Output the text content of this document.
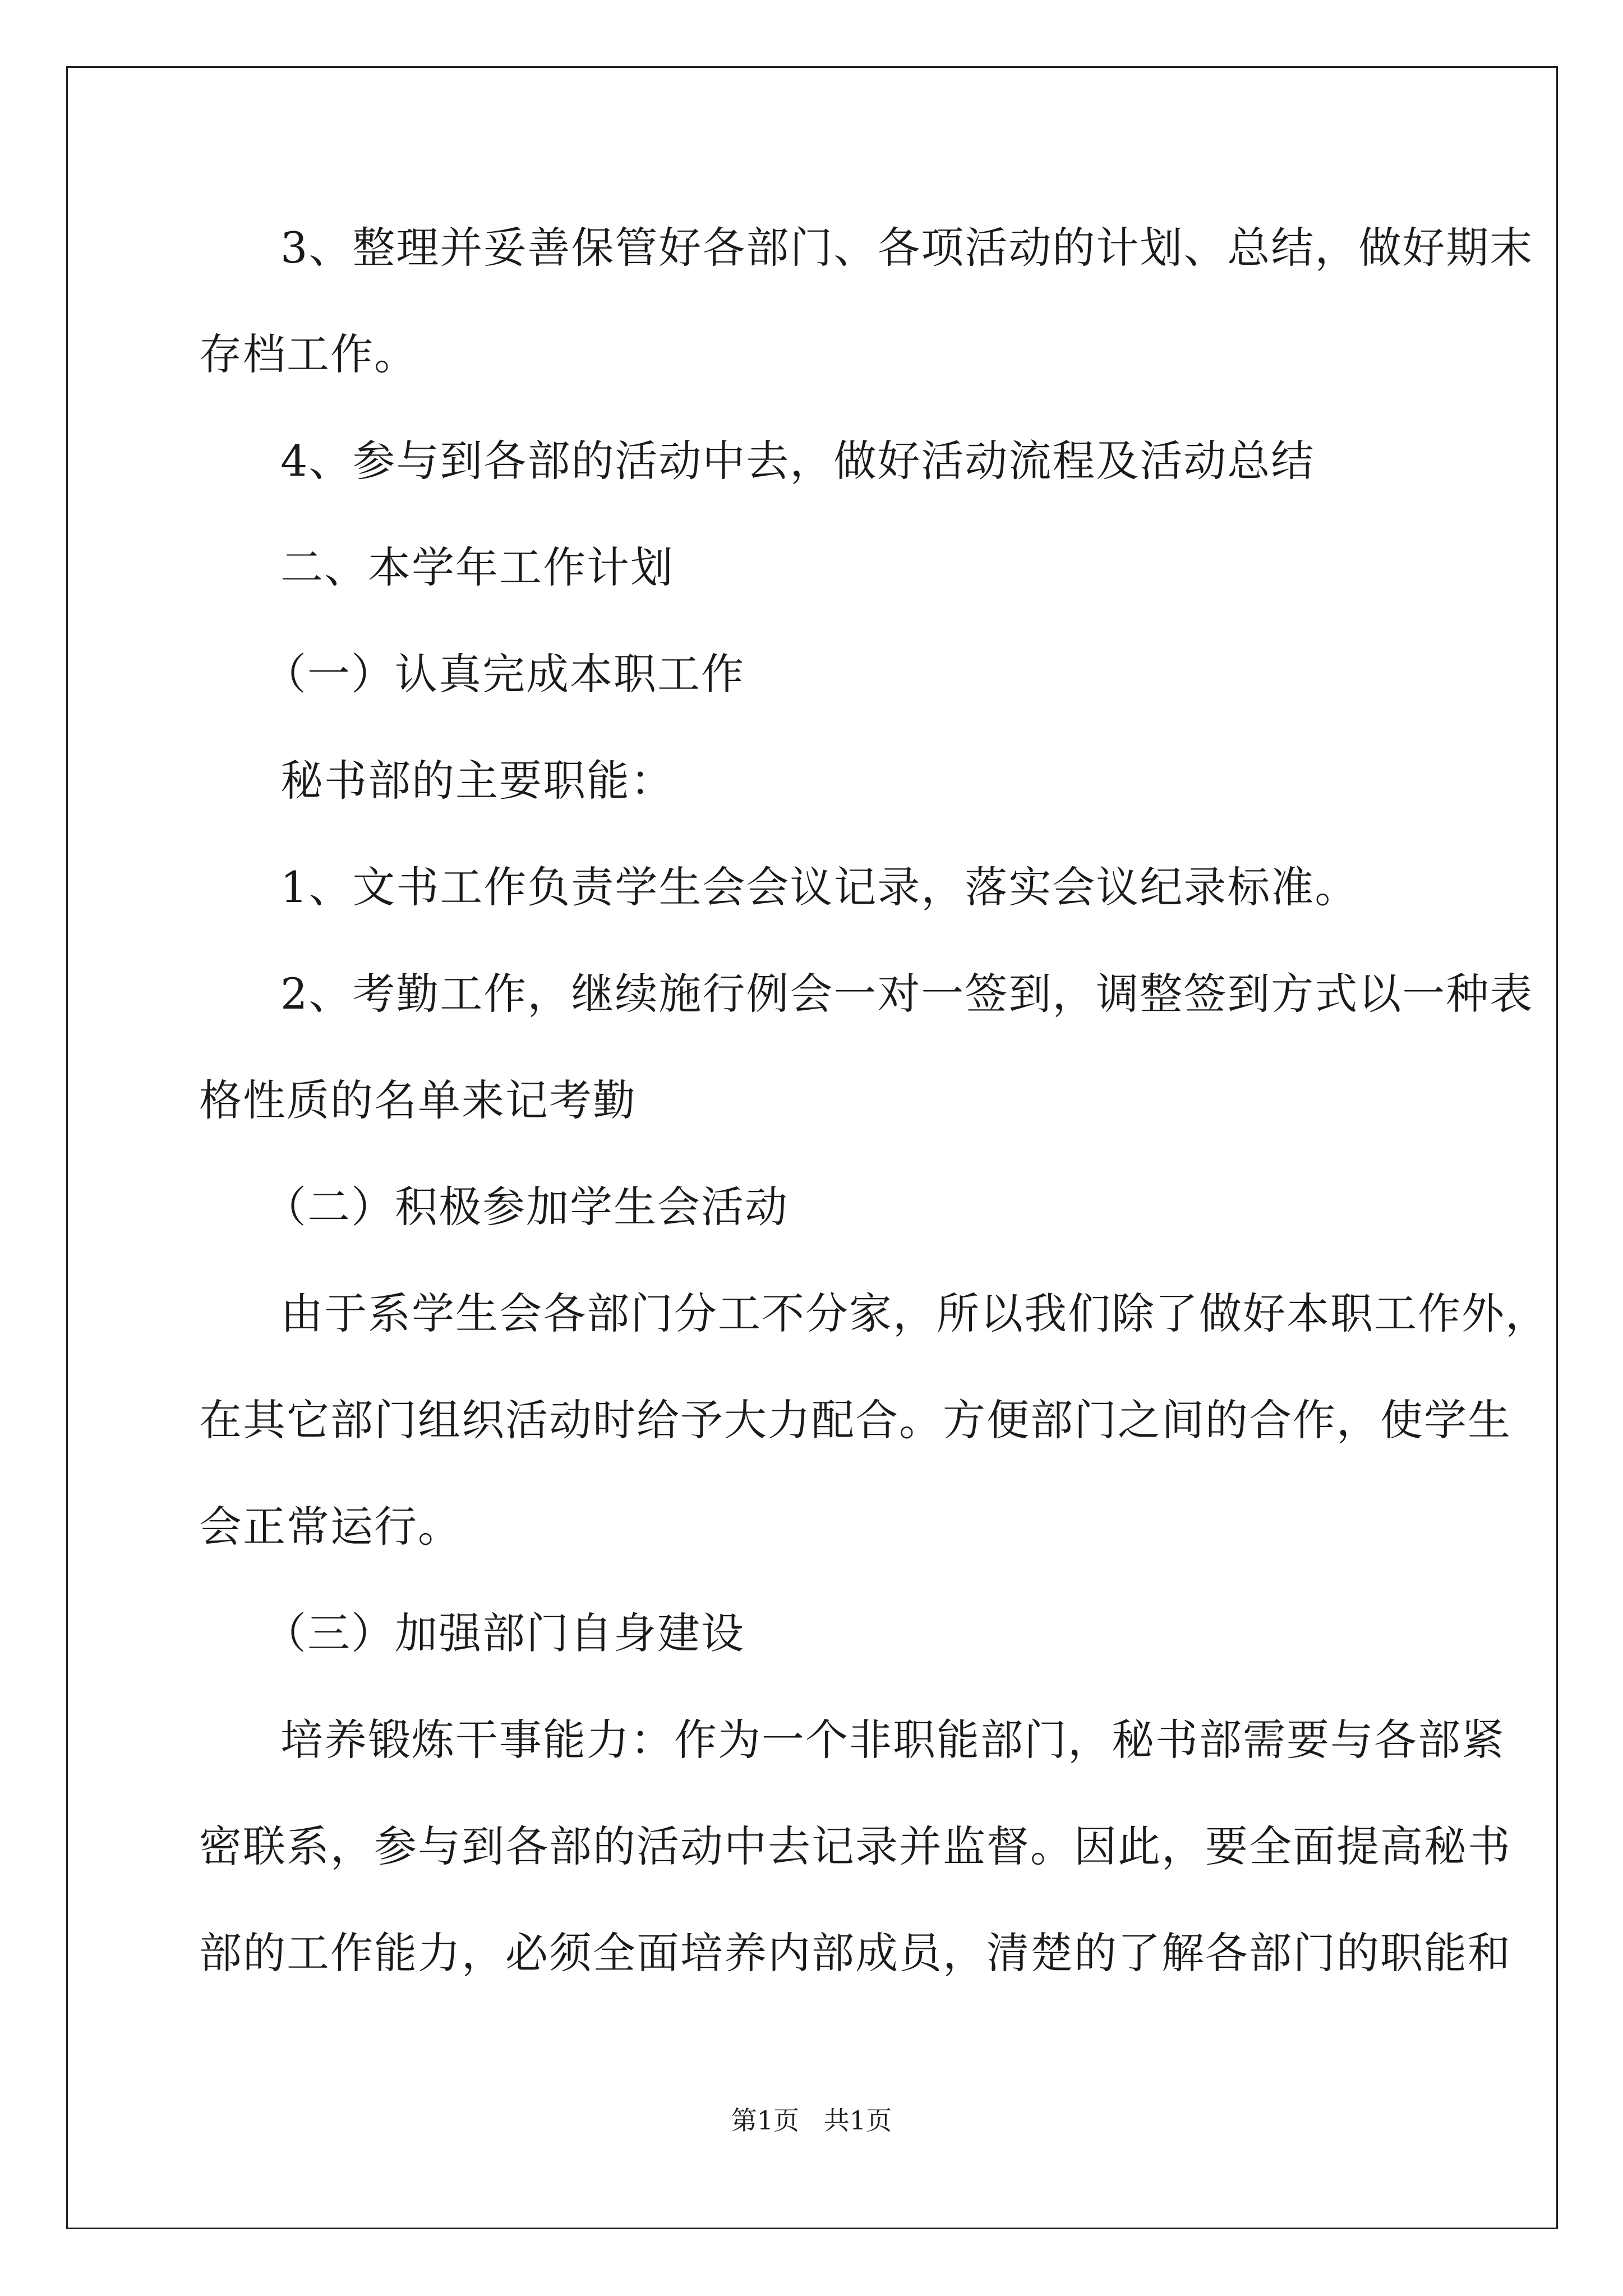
3、整理并妥善保管好各部门、各项活动的计划、总结，做好期末
存档工作。
4、参与到各部的活动中去，做好活动流程及活动总结
二、本学年工作计划
（一）认真完成本职工作
秘书部的主要职能：
1、文书工作负责学生会会议记录，落实会议纪录标准。
2、考勤工作，继续施行例会一对一签到，调整签到方式以一种表
格性质的名单来记考勤
（二）积极参加学生会活动
由于系学生会各部门分工不分家，所以我们除了做好本职工作外，
在其它部门组织活动时给予大力配合。方便部门之间的合作，使学生
会正常运行。
（三）加强部门自身建设
培养锻炼干事能力：作为一个非职能部门，秘书部需要与各部紧
密联系，参与到各部的活动中去记录并监督。因此，要全面提高秘书
部的工作能力，必须全面培养内部成员，清楚的了解各部门的职能和
第1页   共1页
